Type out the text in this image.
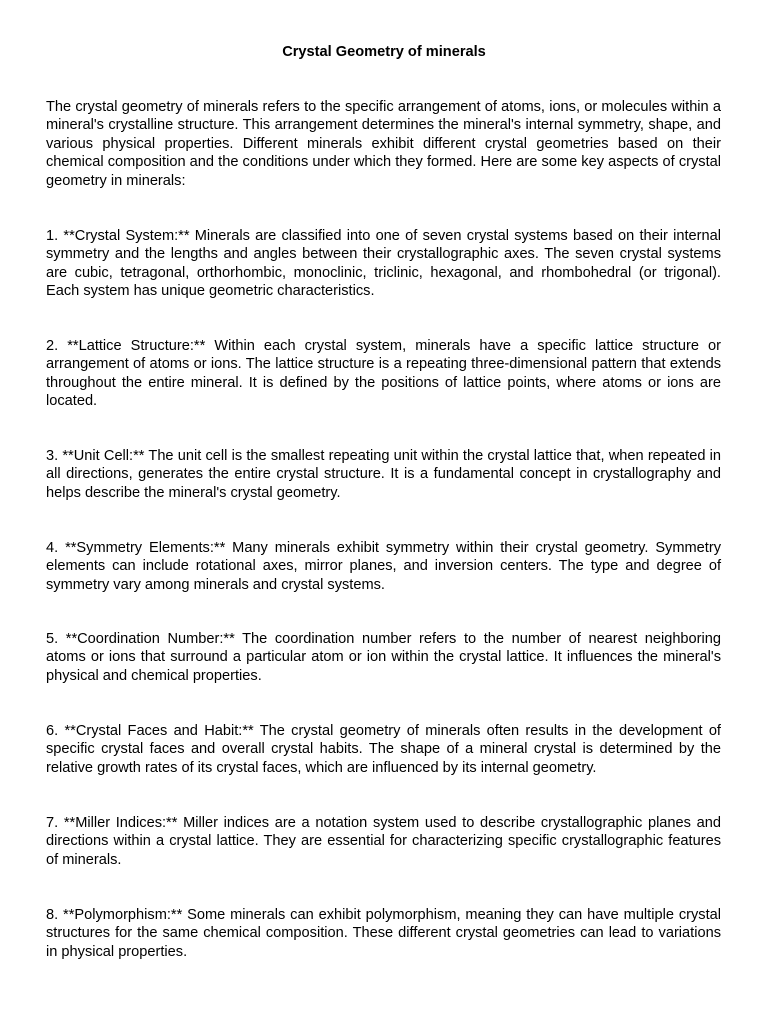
Crystal Geometry of minerals

The crystal geometry of minerals refers to the specific arrangement of atoms, ions, or molecules within a mineral's crystalline structure. This arrangement determines the mineral's internal symmetry, shape, and various physical properties. Different minerals exhibit different crystal geometries based on their chemical composition and the conditions under which they formed. Here are some key aspects of crystal geometry in minerals:

1. **Crystal System:** Minerals are classified into one of seven crystal systems based on their internal symmetry and the lengths and angles between their crystallographic axes. The seven crystal systems are cubic, tetragonal, orthorhombic, monoclinic, triclinic, hexagonal, and rhombohedral (or trigonal). Each system has unique geometric characteristics.

2. **Lattice Structure:** Within each crystal system, minerals have a specific lattice structure or arrangement of atoms or ions. The lattice structure is a repeating three-dimensional pattern that extends throughout the entire mineral. It is defined by the positions of lattice points, where atoms or ions are located.

3. **Unit Cell:** The unit cell is the smallest repeating unit within the crystal lattice that, when repeated in all directions, generates the entire crystal structure. It is a fundamental concept in crystallography and helps describe the mineral's crystal geometry.

4. **Symmetry Elements:** Many minerals exhibit symmetry within their crystal geometry. Symmetry elements can include rotational axes, mirror planes, and inversion centers. The type and degree of symmetry vary among minerals and crystal systems.

5. **Coordination Number:** The coordination number refers to the number of nearest neighboring atoms or ions that surround a particular atom or ion within the crystal lattice. It influences the mineral's physical and chemical properties.

6. **Crystal Faces and Habit:** The crystal geometry of minerals often results in the development of specific crystal faces and overall crystal habits. The shape of a mineral crystal is determined by the relative growth rates of its crystal faces, which are influenced by its internal geometry.

7. **Miller Indices:** Miller indices are a notation system used to describe crystallographic planes and directions within a crystal lattice. They are essential for characterizing specific crystallographic features of minerals.

8. **Polymorphism:** Some minerals can exhibit polymorphism, meaning they can have multiple crystal structures for the same chemical composition. These different crystal geometries can lead to variations in physical properties.
